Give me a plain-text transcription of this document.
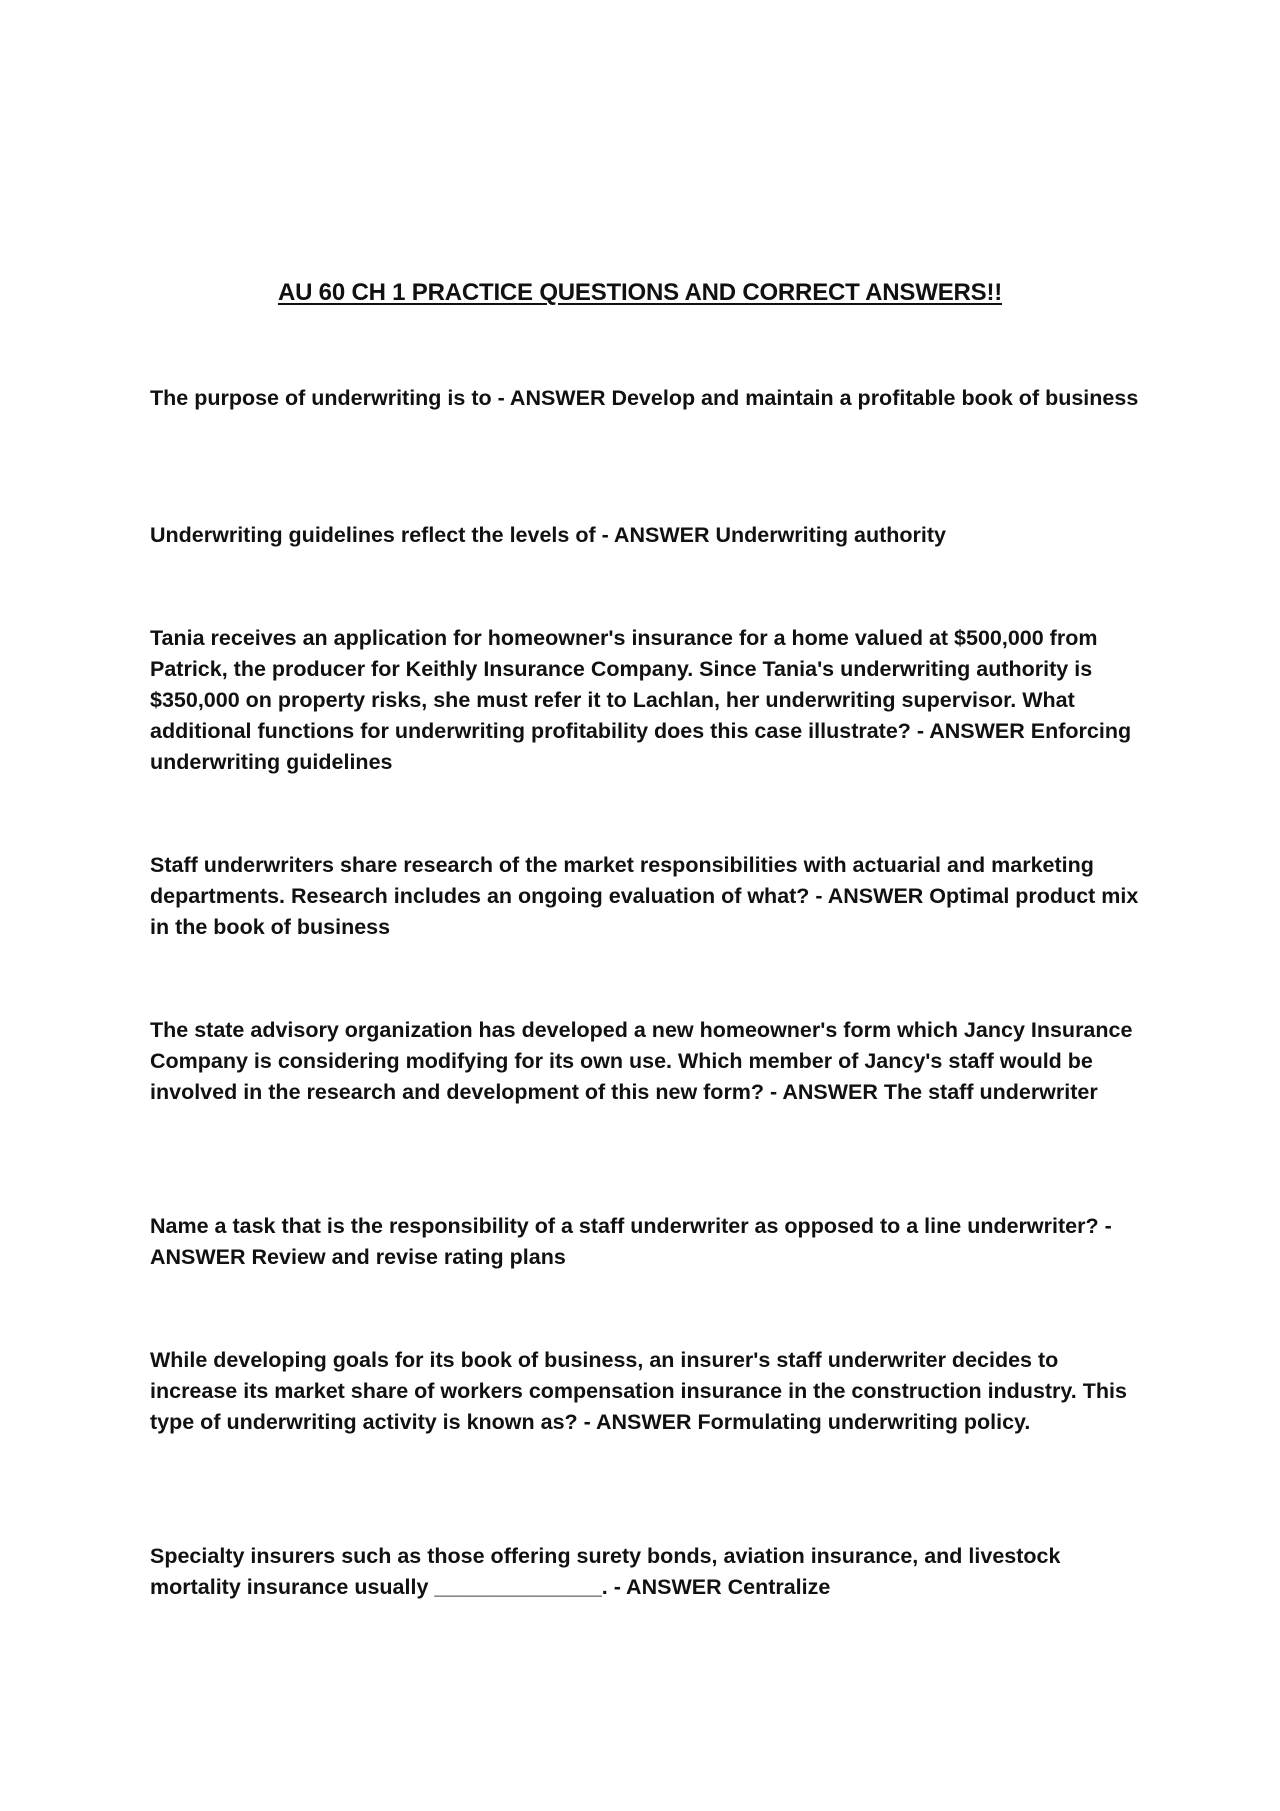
AU 60 CH 1 PRACTICE QUESTIONS AND CORRECT ANSWERS!!

The purpose of underwriting is to - ANSWER Develop and maintain a profitable book of business

Underwriting guidelines reflect the levels of - ANSWER Underwriting authority

Tania receives an application for homeowner's insurance for a home valued at $500,000 from Patrick, the producer for Keithly Insurance Company. Since Tania's underwriting authority is $350,000 on property risks, she must refer it to Lachlan, her underwriting supervisor. What additional functions for underwriting profitability does this case illustrate? - ANSWER Enforcing underwriting guidelines

Staff underwriters share research of the market responsibilities with actuarial and marketing departments. Research includes an ongoing evaluation of what? - ANSWER Optimal product mix in the book of business

The state advisory organization has developed a new homeowner's form which Jancy Insurance Company is considering modifying for its own use. Which member of Jancy's staff would be involved in the research and development of this new form? - ANSWER The staff underwriter

Name a task that is the responsibility of a staff underwriter as opposed to a line underwriter? - ANSWER Review and revise rating plans

While developing goals for its book of business, an insurer's staff underwriter decides to increase its market share of workers compensation insurance in the construction industry. This type of underwriting activity is known as? - ANSWER Formulating underwriting policy.

Specialty insurers such as those offering surety bonds, aviation insurance, and livestock mortality insurance usually ______________. - ANSWER Centralize
